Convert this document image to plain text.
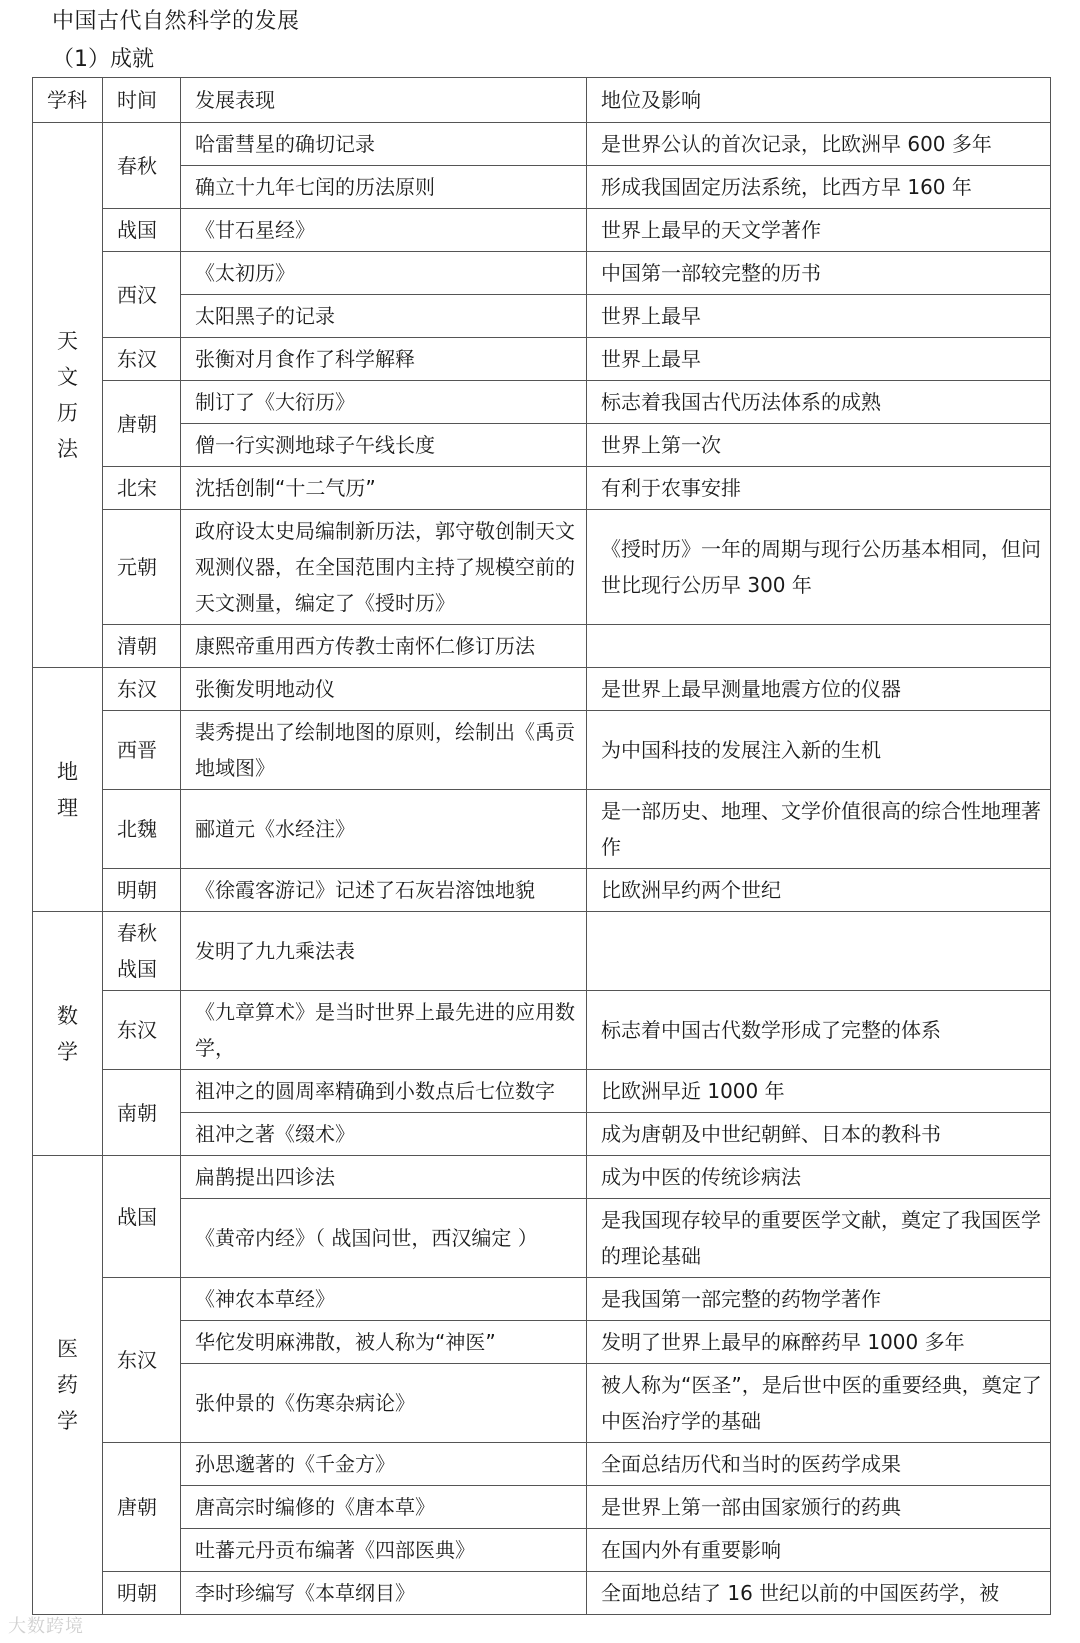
中国古代自然科学的发展
（1）成就
学科	时间	发展表现	地位及影响
天文历法	春秋	哈雷彗星的确切记录	是世界公认的首次记录，比欧洲早 600 多年
		确立十九年七闰的历法原则	形成我国固定历法系统，比西方早 160 年
	战国	《甘石星经》	世界上最早的天文学著作
	西汉	《太初历》	中国第一部较完整的历书
		太阳黑子的记录	世界上最早
	东汉	张衡对月食作了科学解释	世界上最早
	唐朝	制订了《大衍历》	标志着我国古代历法体系的成熟
		僧一行实测地球子午线长度	世界上第一次
	北宋	沈括创制“十二气历”	有利于农事安排
	元朝	政府设太史局编制新历法，郭守敬创制天文观测仪器，在全国范围内主持了规模空前的天文测量，编定了《授时历》	《授时历》一年的周期与现行公历基本相同，但问世比现行公历早 300 年
	清朝	康熙帝重用西方传教士南怀仁修订历法	
地理	东汉	张衡发明地动仪	是世界上最早测量地震方位的仪器
	西晋	裴秀提出了绘制地图的原则，绘制出《禹贡地域图》	为中国科技的发展注入新的生机
	北魏	郦道元《水经注》	是一部历史、地理、文学价值很高的综合性地理著作
	明朝	《徐霞客游记》记述了石灰岩溶蚀地貌	比欧洲早约两个世纪
数学	春秋战国	发明了九九乘法表	
	东汉	《九章算术》是当时世界上最先进的应用数学，	标志着中国古代数学形成了完整的体系
	南朝	祖冲之的圆周率精确到小数点后七位数字	比欧洲早近 1000 年
		祖冲之著《缀术》	成为唐朝及中世纪朝鲜、日本的教科书
医药学	战国	扁鹊提出四诊法	成为中医的传统诊病法
		《黄帝内经》（ 战国问世，西汉编定 ）	是我国现存较早的重要医学文献，奠定了我国医学的理论基础
	东汉	《神农本草经》	是我国第一部完整的药物学著作
		华佗发明麻沸散，被人称为“神医”	发明了世界上最早的麻醉药早 1000 多年
		张仲景的《伤寒杂病论》	被人称为“医圣”，是后世中医的重要经典，奠定了中医治疗学的基础
	唐朝	孙思邈著的《千金方》	全面总结历代和当时的医药学成果
		唐高宗时编修的《唐本草》	是世界上第一部由国家颁行的药典
		吐蕃元丹贡布编著《四部医典》	在国内外有重要影响
	明朝	李时珍编写《本草纲目》	全面地总结了 16 世纪以前的中国医药学，被
大数跨境
